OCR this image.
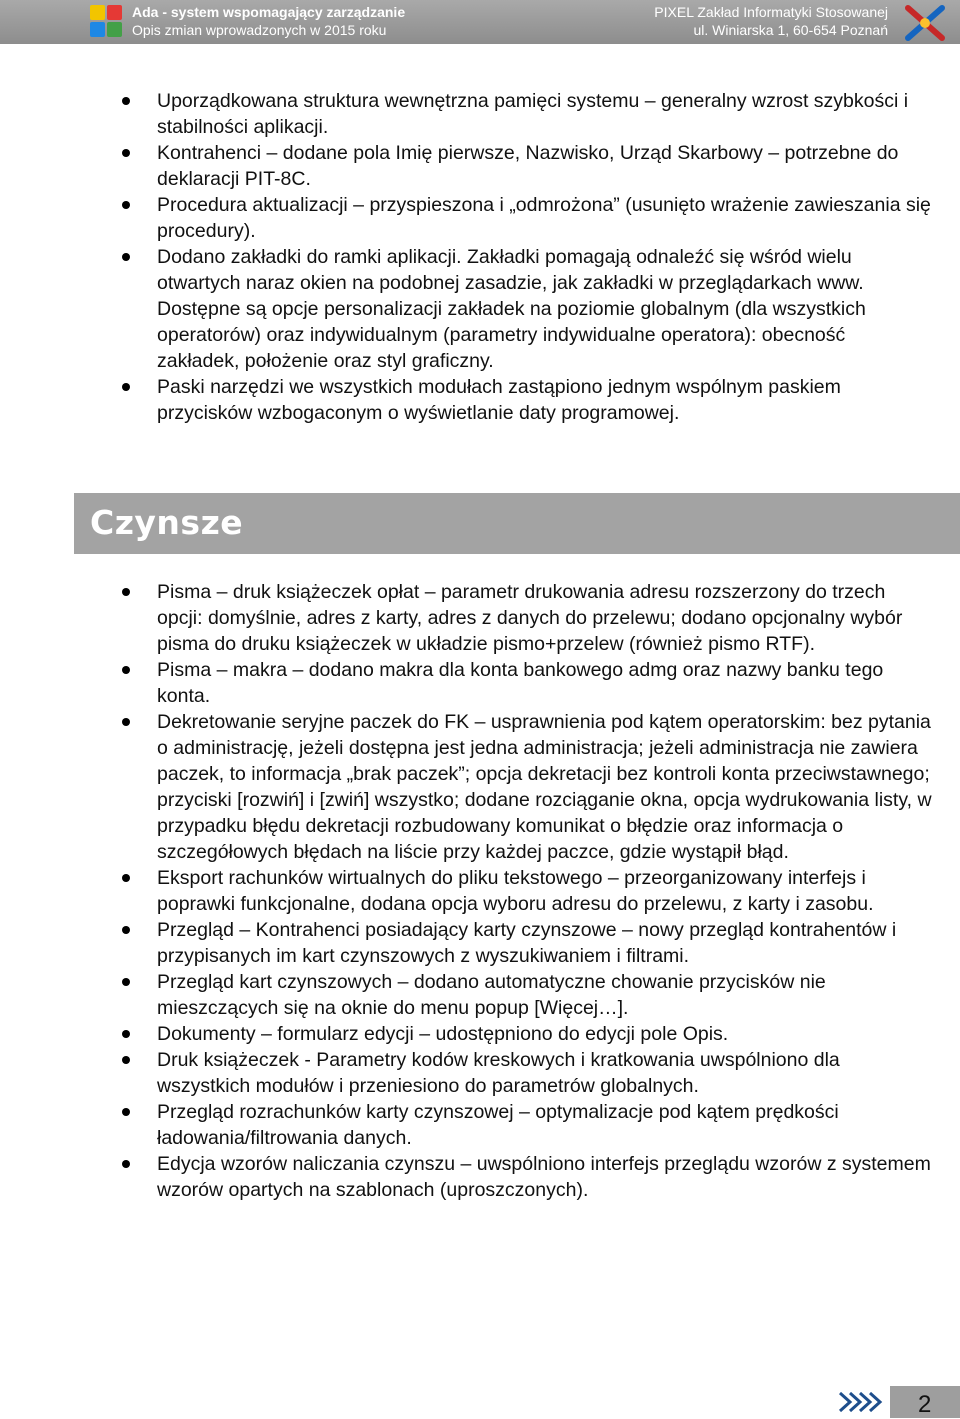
Ada - system wspomagający zarządzanie
Opis zmian wprowadzonych w 2015 roku
PIXEL Zakład Informatyki Stosowanej
ul. Winiarska 1, 60-654 Poznań
Uporządkowana struktura wewnętrzna pamięci systemu – generalny wzrost szybkości i stabilności aplikacji.
Kontrahenci – dodane pola Imię pierwsze, Nazwisko, Urząd Skarbowy – potrzebne do deklaracji PIT-8C.
Procedura aktualizacji – przyspieszona i „odmrożona” (usunięto wrażenie zawieszania się procedury).
Dodano zakładki do ramki aplikacji. Zakładki pomagają odnaleźć się wśród wielu otwartych naraz okien na podobnej zasadzie, jak zakładki w przeglądarkach www. Dostępne są opcje personalizacji zakładek na poziomie globalnym (dla wszystkich operatorów) oraz indywidualnym (parametry indywidualne operatora): obecność zakładek, położenie oraz styl graficzny.
Paski narzędzi we wszystkich modułach zastąpiono jednym wspólnym paskiem przycisków wzbogaconym o wyświetlanie daty programowej.
Czynsze
Pisma – druk książeczek opłat – parametr drukowania adresu rozszerzony do trzech opcji: domyślnie, adres z karty, adres z danych do przelewu; dodano opcjonalny wybór pisma do druku książeczek w układzie pismo+przelew (również pismo RTF).
Pisma – makra – dodano makra dla konta bankowego admg oraz nazwy banku tego konta.
Dekretowanie seryjne paczek do FK – usprawnienia pod kątem operatorskim: bez pytania o administrację, jeżeli dostępna jest jedna administracja; jeżeli administracja nie zawiera paczek, to informacja „brak paczek”; opcja dekretacji bez kontroli konta przeciwstawnego; przyciski [rozwiń] i [zwiń] wszystko; dodane rozciąganie okna, opcja wydrukowania listy, w przypadku błędu dekretacji rozbudowany komunikat o błędzie oraz informacja o szczegółowych błędach na liście przy każdej paczce, gdzie wystąpił błąd.
Eksport rachunków wirtualnych do pliku tekstowego – przeorganizowany interfejs i poprawki funkcjonalne, dodana opcja wyboru adresu do przelewu, z karty i zasobu.
Przegląd – Kontrahenci posiadający karty czynszowe – nowy przegląd kontrahentów i przypisanych im kart czynszowych z wyszukiwaniem i filtrami.
Przegląd kart czynszowych – dodano automatyczne chowanie przycisków nie mieszczących się na oknie do menu popup [Więcej…].
Dokumenty – formularz edycji – udostępniono do edycji pole Opis.
Druk książeczek - Parametry kodów kreskowych i kratkowania uwspólniono dla wszystkich modułów i przeniesiono do parametrów globalnych.
Przegląd rozrachunków karty czynszowej – optymalizacje pod kątem prędkości ładowania/filtrowania danych.
Edycja wzorów naliczania czynszu – uwspólniono interfejs przeglądu wzorów z systemem wzorów opartych na szablonach (uproszczonych).
2
